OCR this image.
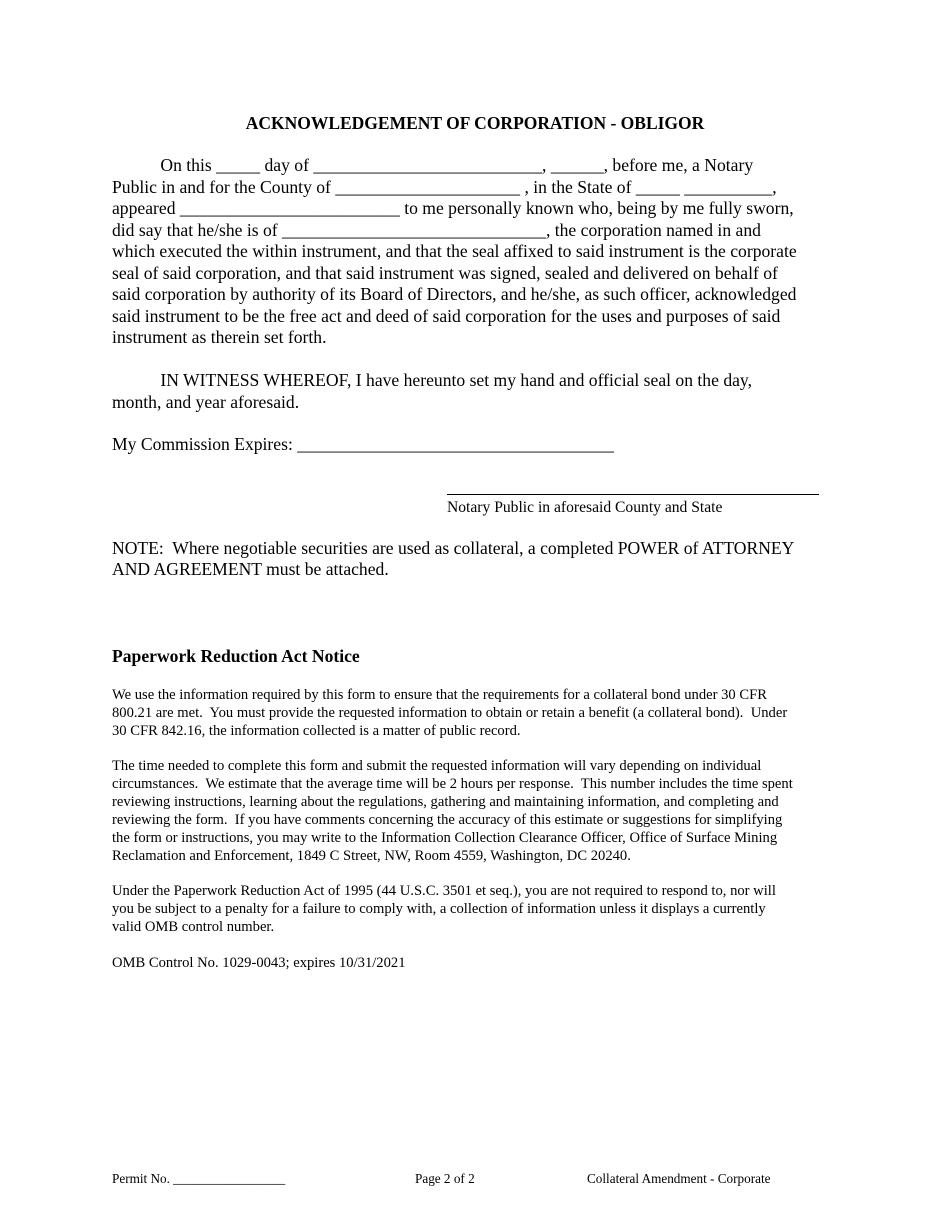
ACKNOWLEDGEMENT OF CORPORATION - OBLIGOR
On this _____ day of __________________________, ______, before me, a Notary
Public in and for the County of _____________________ , in the State of _____ __________,
appeared _________________________ to me personally known who, being by me fully sworn,
did say that he/she is of ______________________________, the corporation named in and
which executed the within instrument, and that the seal affixed to said instrument is the corporate
seal of said corporation, and that said instrument was signed, sealed and delivered on behalf of
said corporation by authority of its Board of Directors, and he/she, as such officer, acknowledged
said instrument to be the free act and deed of said corporation for the uses and purposes of said
instrument as therein set forth.
IN WITNESS WHEREOF, I have hereunto set my hand and official seal on the day,
month, and year aforesaid.
My Commission Expires: ____________________________________
Notary Public in aforesaid County and State
NOTE:  Where negotiable securities are used as collateral, a completed POWER of ATTORNEY
AND AGREEMENT must be attached.
Paperwork Reduction Act Notice
We use the information required by this form to ensure that the requirements for a collateral bond under 30 CFR
800.21 are met.  You must provide the requested information to obtain or retain a benefit (a collateral bond).  Under
30 CFR 842.16, the information collected is a matter of public record.
The time needed to complete this form and submit the requested information will vary depending on individual
circumstances.  We estimate that the average time will be 2 hours per response.  This number includes the time spent
reviewing instructions, learning about the regulations, gathering and maintaining information, and completing and
reviewing the form.  If you have comments concerning the accuracy of this estimate or suggestions for simplifying
the form or instructions, you may write to the Information Collection Clearance Officer, Office of Surface Mining
Reclamation and Enforcement, 1849 C Street, NW, Room 4559, Washington, DC 20240.
Under the Paperwork Reduction Act of 1995 (44 U.S.C. 3501 et seq.), you are not required to respond to, nor will
you be subject to a penalty for a failure to comply with, a collection of information unless it displays a currently
valid OMB control number.
OMB Control No. 1029-0043; expires 10/31/2021
Permit No. _________________	Page 2 of 2	Collateral Amendment - Corporate
